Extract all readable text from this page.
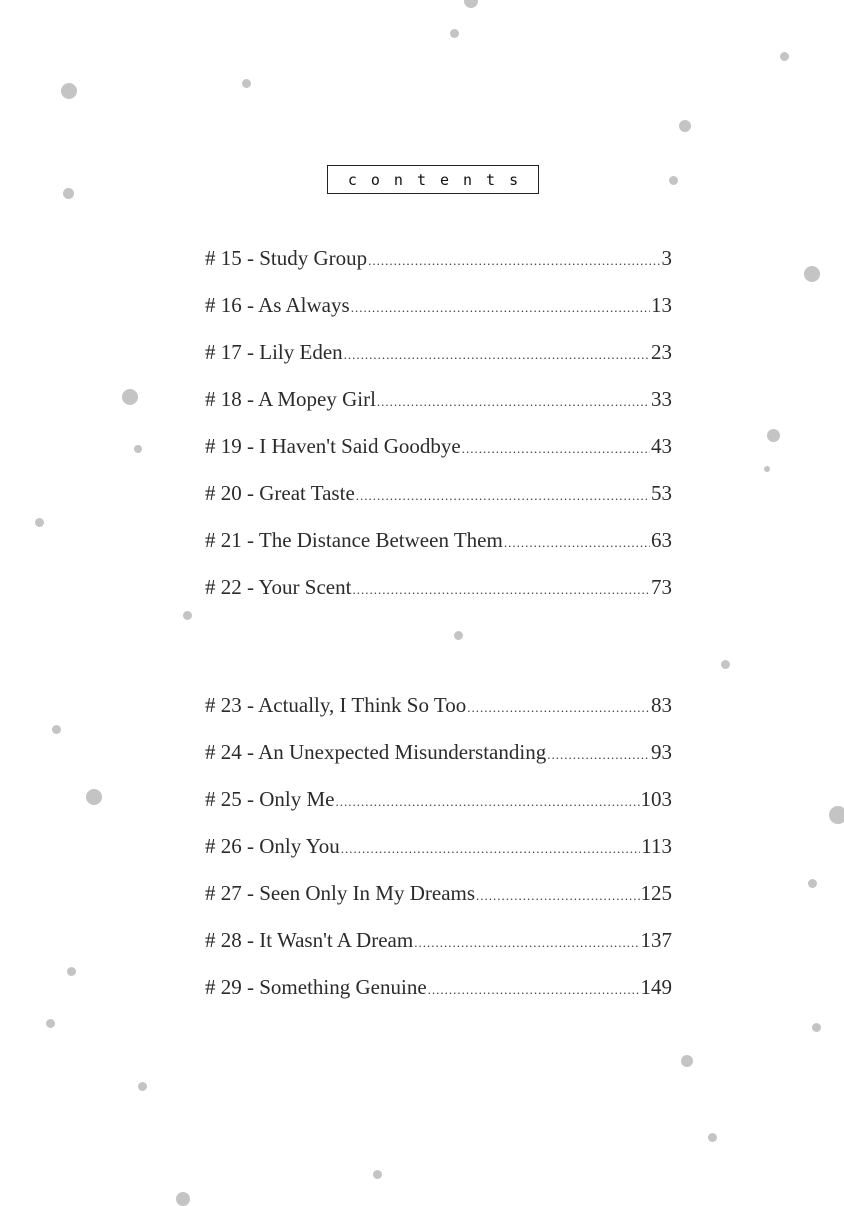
contents
# 15 - Study Group .....	3
# 16 - As Always .....	13
# 17 - Lily Eden .....	23
# 18 - A Mopey Girl .....	33
# 19 - I Haven't Said Goodbye .....	43
# 20 - Great Taste .....	53
# 21 - The Distance Between Them .....	63
# 22 - Your Scent .....	73
# 23 - Actually, I Think So Too .....	83
# 24 - An Unexpected Misunderstanding .....	93
# 25 - Only Me .....	103
# 26 - Only You .....	113
# 27 - Seen Only In My Dreams .....	125
# 28 - It Wasn't A Dream .....	137
# 29 - Something Genuine .....	149
